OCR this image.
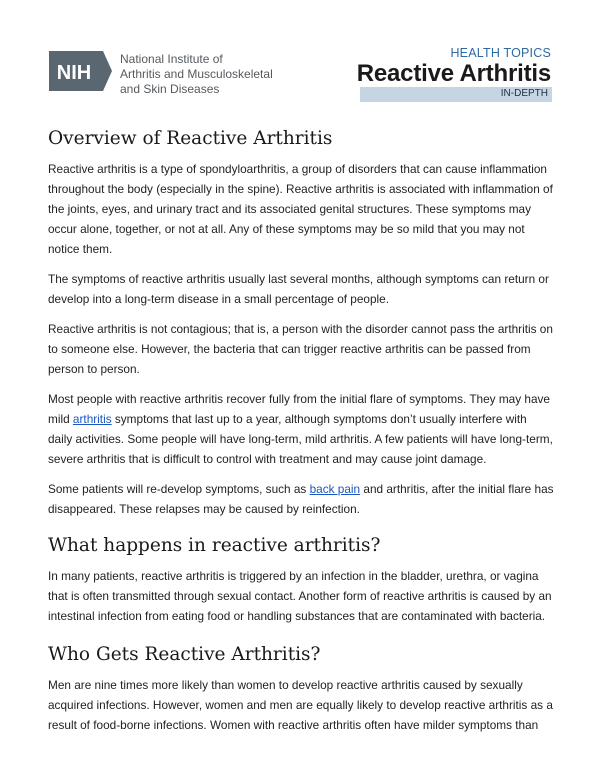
NIH
National Institute of
Arthritis and Musculoskeletal
and Skin Diseases
HEALTH TOPICS
Reactive Arthritis
IN-DEPTH
Overview of Reactive Arthritis

Reactive arthritis is a type of spondyloarthritis, a group of disorders that can cause inflammation throughout the body (especially in the spine). Reactive arthritis is associated with inflammation of the joints, eyes, and urinary tract and its associated genital structures. These symptoms may occur alone, together, or not at all. Any of these symptoms may be so mild that you may not notice them.

The symptoms of reactive arthritis usually last several months, although symptoms can return or develop into a long-term disease in a small percentage of people.

Reactive arthritis is not contagious; that is, a person with the disorder cannot pass the arthritis on to someone else. However, the bacteria that can trigger reactive arthritis can be passed from person to person.

Most people with reactive arthritis recover fully from the initial flare of symptoms. They may have mild arthritis symptoms that last up to a year, although symptoms don’t usually interfere with daily activities. Some people will have long-term, mild arthritis. A few patients will have long-term, severe arthritis that is difficult to control with treatment and may cause joint damage.

Some patients will re-develop symptoms, such as back pain and arthritis, after the initial flare has disappeared. These relapses may be caused by reinfection.

What happens in reactive arthritis?

In many patients, reactive arthritis is triggered by an infection in the bladder, urethra, or vagina that is often transmitted through sexual contact. Another form of reactive arthritis is caused by an intestinal infection from eating food or handling substances that are contaminated with bacteria.

Who Gets Reactive Arthritis?

Men are nine times more likely than women to develop reactive arthritis caused by sexually acquired infections. However, women and men are equally likely to develop reactive arthritis as a result of food-borne infections. Women with reactive arthritis often have milder symptoms than
